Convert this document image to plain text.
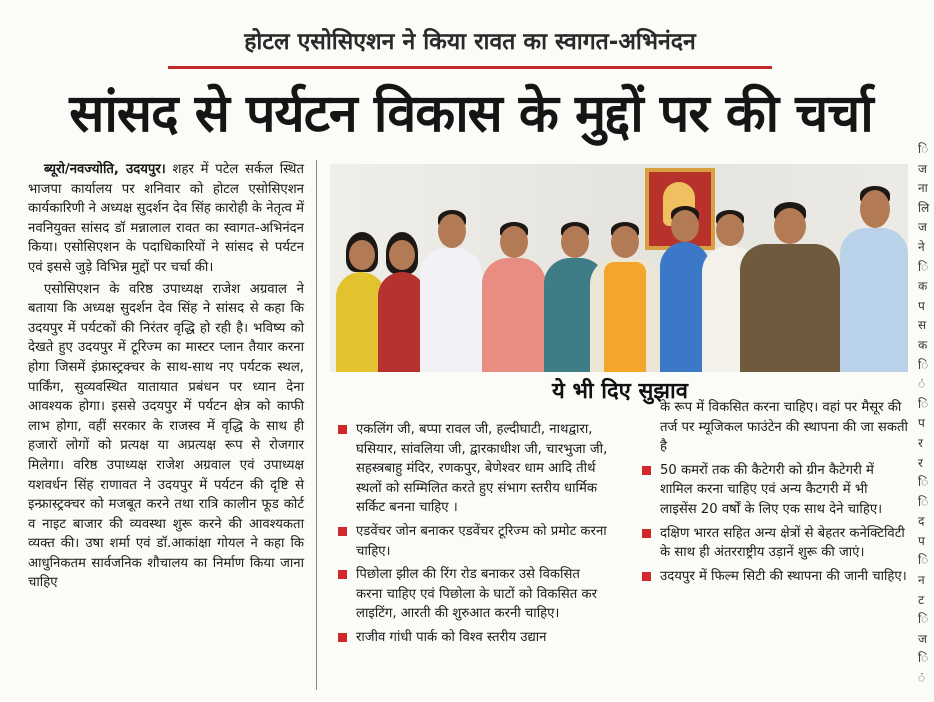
होटल एसोसिएशन ने किया रावत का स्वागत-अभिनंदन
सांसद से पर्यटन विकास के मुद्दों पर की चर्चा

ब्यूरो/नवज्योति, उदयपुर। शहर में पटेल सर्कल स्थित भाजपा कार्यालय पर शनिवार को होटल एसोसिएशन कार्यकारिणी ने अध्यक्ष सुदर्शन देव सिंह कारोही के नेतृत्व में नवनियुक्त सांसद डॉ मन्नालाल रावत का स्वागत-अभिनंदन किया। एसोसिएशन के पदाधिकारियों ने सांसद से पर्यटन एवं इससे जुड़े विभिन्न मुद्दों पर चर्चा की।

एसोसिएशन के वरिष्ठ उपाध्यक्ष राजेश अग्रवाल ने बताया कि अध्यक्ष सुदर्शन देव सिंह ने सांसद से कहा कि उदयपुर में पर्यटकों की निरंतर वृद्धि हो रही है। भविष्य को देखते हुए उदयपुर में टूरिज्म का मास्टर प्लान तैयार करना होगा जिसमें इंफ्रास्ट्रक्चर के साथ-साथ नए पर्यटक स्थल, पार्किंग, सुव्यवस्थित यातायात प्रबंधन पर ध्यान देना आवश्यक होगा। इससे उदयपुर में पर्यटन क्षेत्र को काफी लाभ होगा, वहीं सरकार के राजस्व में वृद्धि के साथ ही हजारों लोगों को प्रत्यक्ष या अप्रत्यक्ष रूप से रोजगार मिलेगा। वरिष्ठ उपाध्यक्ष राजेश अग्रवाल एवं उपाध्यक्ष यशवर्धन सिंह राणावत ने उदयपुर में पर्यटन की दृष्टि से इन्फ्रास्ट्रक्चर को मजबूत करने तथा रात्रि कालीन फूड कोर्ट व नाइट बाजार की व्यवस्था शुरू करने की आवश्यकता व्यक्त की। उषा शर्मा एवं डॉ.आकांक्षा गोयल ने कहा कि आधुनिकतम सार्वजनिक शौचालय का निर्माण किया जाना चाहिए

ये भी दिए सुझाव
एकलिंग जी, बप्पा रावल जी, हल्दीघाटी, नाथद्वारा, घसियार, सांवलिया जी, द्वारकाधीश जी, चारभुजा जी, सहस्त्रबाहु मंदिर, रणकपुर, बेणेश्वर धाम आदि तीर्थ स्थलों को सम्मिलित करते हुए संभाग स्तरीय धार्मिक सर्किट बनना चाहिए ।
एडवेंचर जोन बनाकर एडवेंचर टूरिज्म को प्रमोट करना चाहिए।
पिछोला झील की रिंग रोड बनाकर उसे विकसित करना चाहिए एवं पिछोला के घाटों को विकसित कर लाइटिंग, आरती की शुरुआत करनी चाहिए।
राजीव गांधी पार्क को विश्व स्तरीय उद्यान
के रूप में विकसित करना चाहिए। वहां पर मैसूर की तर्ज पर म्यूजिकल फाउंटेन की स्थापना की जा सकती है
50 कमरों तक की कैटेगरी को ग्रीन कैटेगरी में शामिल करना चाहिए एवं अन्य कैटगरी में भी लाइसेंस 20 वर्षों के लिए एक साथ देने चाहिए।
दक्षिण भारत सहित अन्य क्षेत्रों से बेहतर कनेक्टिविटी के साथ ही अंतरराष्ट्रीय उड़ानें शुरू की जाएं।
उदयपुर में फिल्म सिटी की स्थापना की जानी चाहिए।
ि
ज
ना
लि
ज
ने
ि
क
प
स
क
ि
ं
ि
प
र
र
ि
ि
द
प
ि
न
ट
ि
ज
ि
ं
